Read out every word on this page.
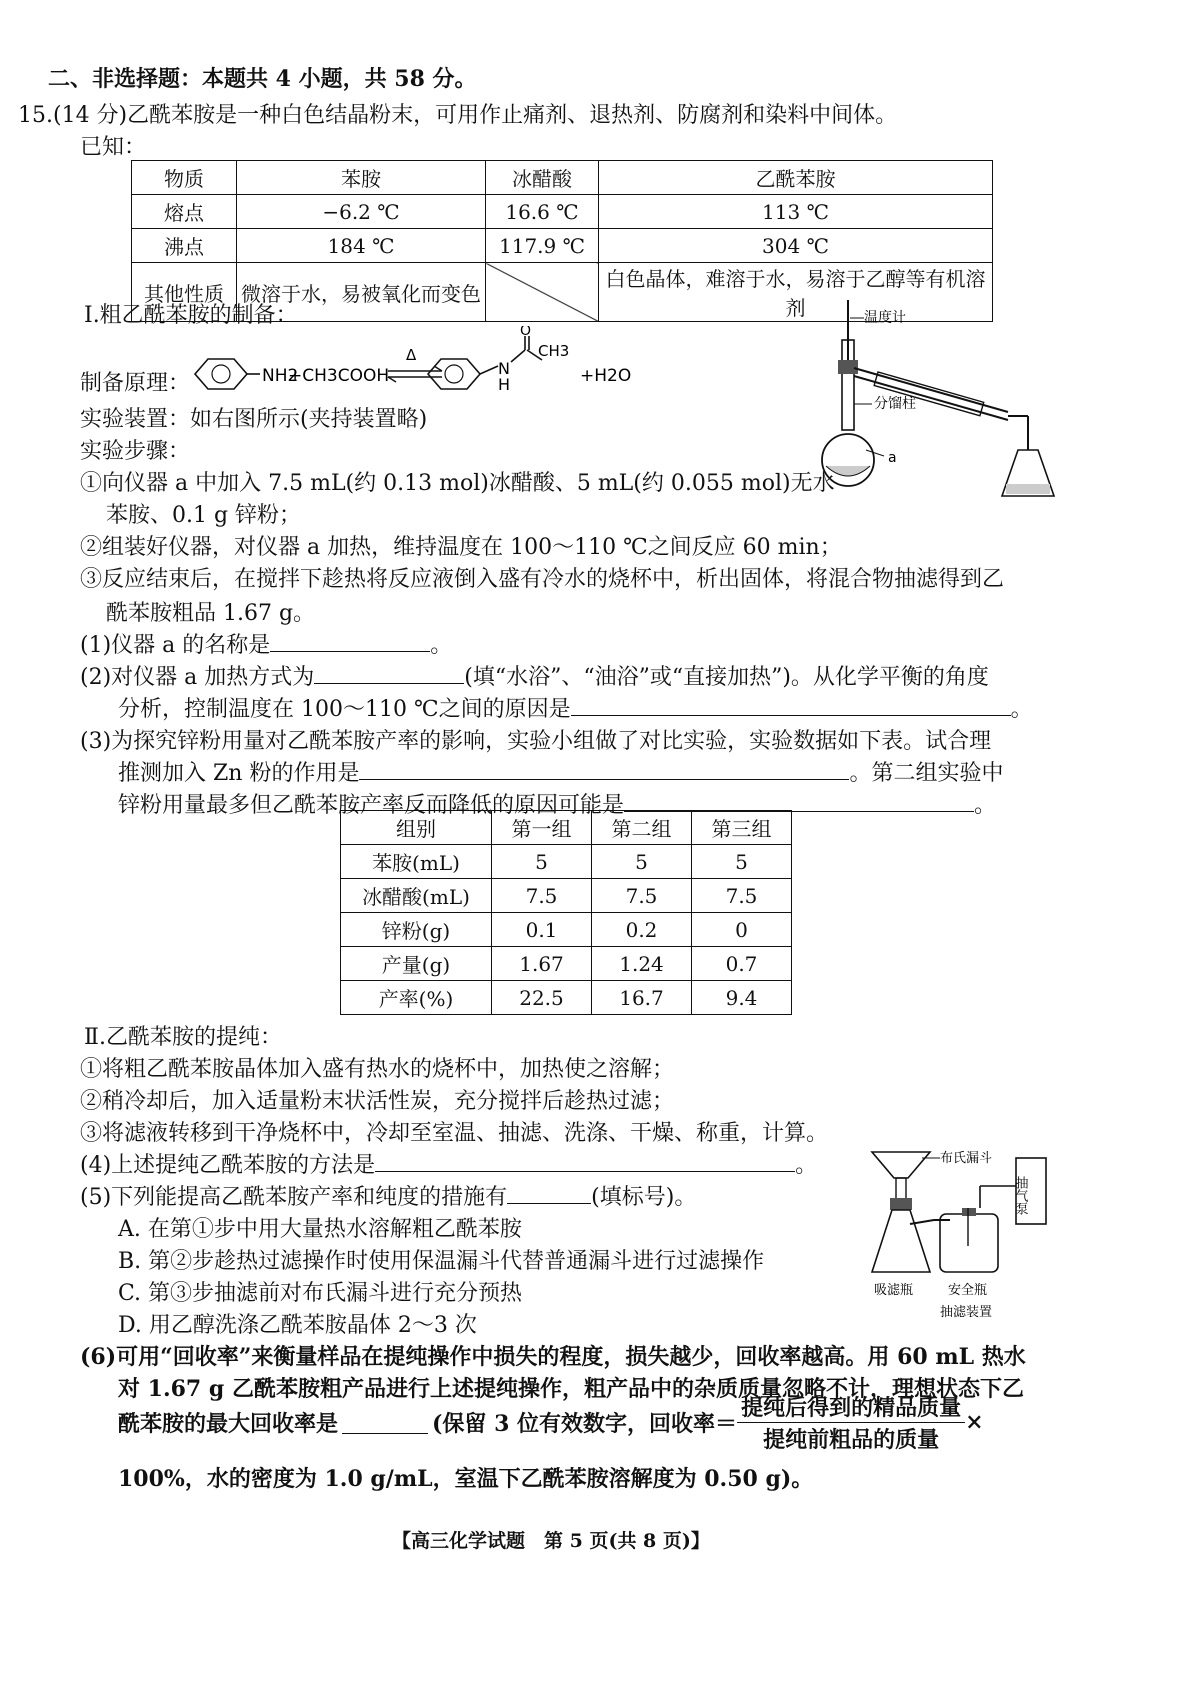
二、非选择题：本题共 4 小题，共 58 分。
15.(14 分)乙酰苯胺是一种白色结晶粉末，可用作止痛剂、退热剂、防腐剂和染料中间体。
已知：
物质	苯胺	冰醋酸	乙酰苯胺
熔点	−6.2 ℃	16.6 ℃	113 ℃
沸点	184 ℃	117.9 ℃	304 ℃
其他性质	微溶于水，易被氧化而变色		白色晶体，难溶于水，易溶于乙醇等有机溶剂
Ⅰ.粗乙酰苯胺的制备：
制备原理：	NH2
+CH3COOH
Δ
N
H
O
CH3
+H2O
实验装置：如右图所示(夹持装置略)
实验步骤：
①向仪器 a 中加入 7.5 mL(约 0.13 mol)冰醋酸、5 mL(约 0.055 mol)无水
苯胺、0.1 g 锌粉；
②组装好仪器，对仪器 a 加热，维持温度在 100～110 ℃之间反应 60 min；
③反应结束后，在搅拌下趁热将反应液倒入盛有冷水的烧杯中，析出固体，将混合物抽滤得到乙
酰苯胺粗品 1.67 g。
温度计
分馏柱
a
(1)仪器 a 的名称是	。
(2)对仪器 a 加热方式为	(填“水浴”、“油浴”或“直接加热”)。从化学平衡的角度
分析，控制温度在 100～110 ℃之间的原因是	。
(3)为探究锌粉用量对乙酰苯胺产率的影响，实验小组做了对比实验，实验数据如下表。试合理
推测加入 Zn 粉的作用是	。第二组实验中
锌粉用量最多但乙酰苯胺产率反而降低的原因可能是	。
组别	第一组	第二组	第三组
苯胺(mL)	5	5	5
冰醋酸(mL)	7.5	7.5	7.5
锌粉(g)	0.1	0.2	0
产量(g)	1.67	1.24	0.7
产率(%)	22.5	16.7	9.4
Ⅱ.乙酰苯胺的提纯：
①将粗乙酰苯胺晶体加入盛有热水的烧杯中，加热使之溶解；
②稍冷却后，加入适量粉末状活性炭，充分搅拌后趁热过滤；
③将滤液转移到干净烧杯中，冷却至室温、抽滤、洗涤、干燥、称重，计算。
(4)上述提纯乙酰苯胺的方法是	。
(5)下列能提高乙酰苯胺产率和纯度的措施有	(填标号)。
A. 在第①步中用大量热水溶解粗乙酰苯胺
B. 第②步趁热过滤操作时使用保温漏斗代替普通漏斗进行过滤操作
C. 第③步抽滤前对布氏漏斗进行充分预热
D. 用乙醇洗涤乙酰苯胺晶体 2～3 次
布氏漏斗
抽气泵
吸滤瓶	安全瓶
抽滤装置
(6)可用“回收率”来衡量样品在提纯操作中损失的程度，损失越少，回收率越高。用 60 mL 热水
对 1.67 g 乙酰苯胺粗产品进行上述提纯操作，粗产品中的杂质质量忽略不计，理想状态下乙
酰苯胺的最大回收率是	(保留 3 位有效数字，回收率＝ $\frac{\text{提纯后得到的精品质量}}{\text{提纯前粗品的质量}}$ ×
100%，水的密度为 1.0 g/mL，室温下乙酰苯胺溶解度为 0.50 g)。
【高三化学试题　第 5 页(共 8 页)】
